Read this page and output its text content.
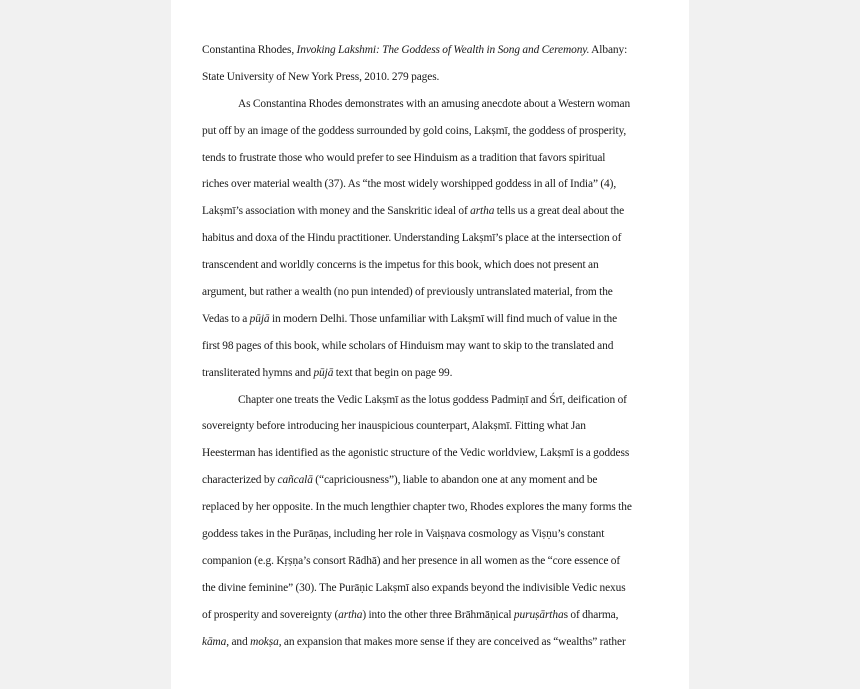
Constantina Rhodes, Invoking Lakshmi: The Goddess of Wealth in Song and Ceremony. Albany:
State University of New York Press, 2010. 279 pages.
As Constantina Rhodes demonstrates with an amusing anecdote about a Western woman
put off by an image of the goddess surrounded by gold coins, Lakṣmī, the goddess of prosperity,
tends to frustrate those who would prefer to see Hinduism as a tradition that favors spiritual
riches over material wealth (37). As “the most widely worshipped goddess in all of India” (4),
Lakṣmī’s association with money and the Sanskritic ideal of artha tells us a great deal about the
habitus and doxa of the Hindu practitioner. Understanding Lakṣmī’s place at the intersection of
transcendent and worldly concerns is the impetus for this book, which does not present an
argument, but rather a wealth (no pun intended) of previously untranslated material, from the
Vedas to a pūjā in modern Delhi. Those unfamiliar with Lakṣmī will find much of value in the
first 98 pages of this book, while scholars of Hinduism may want to skip to the translated and
transliterated hymns and pūjā text that begin on page 99.
Chapter one treats the Vedic Lakṣmī as the lotus goddess Padmiṇī and Śrī, deification of
sovereignty before introducing her inauspicious counterpart, Alakṣmī. Fitting what Jan
Heesterman has identified as the agonistic structure of the Vedic worldview, Lakṣmī is a goddess
characterized by cañcalā (“capriciousness”), liable to abandon one at any moment and be
replaced by her opposite. In the much lengthier chapter two, Rhodes explores the many forms the
goddess takes in the Purāṇas, including her role in Vaiṣṇava cosmology as Viṣṇu’s constant
companion (e.g. Kṛṣṇa’s consort Rādhā) and her presence in all women as the “core essence of
the divine feminine” (30). The Purāṇic Lakṣmī also expands beyond the indivisible Vedic nexus
of prosperity and sovereignty (artha) into the other three Brāhmāṇical puruṣārthas of dharma,
kāma, and mokṣa, an expansion that makes more sense if they are conceived as “wealths” rather
